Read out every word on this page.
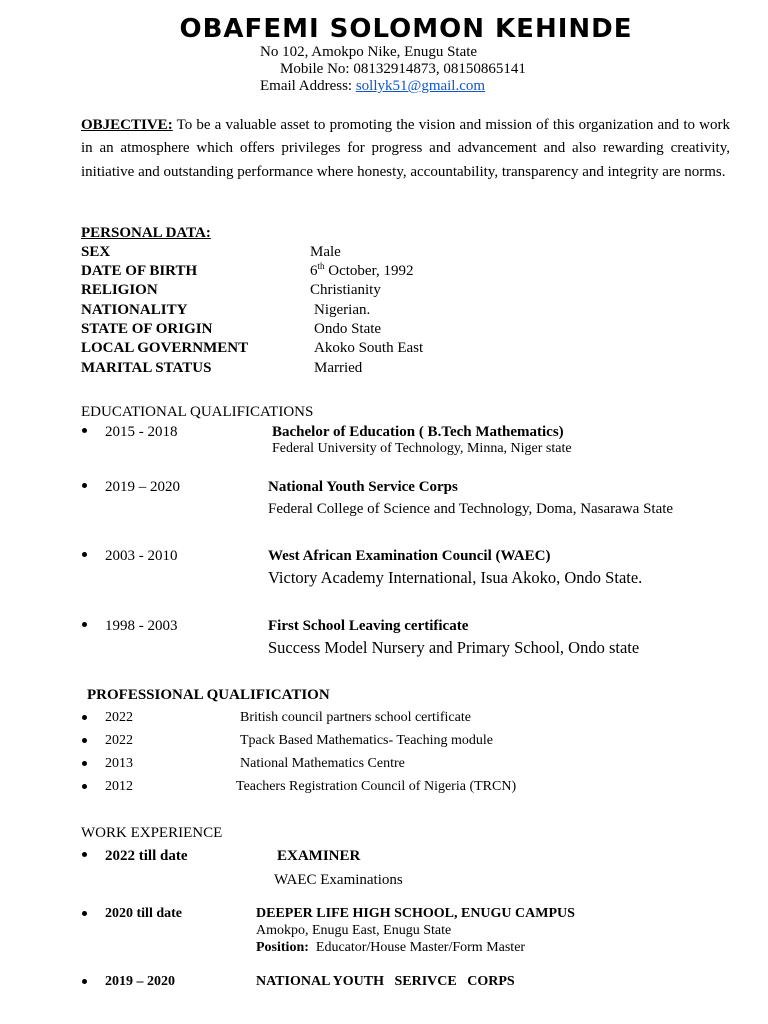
OBAFEMI SOLOMON KEHINDE
No 102, Amokpo Nike, Enugu State
Mobile No: 08132914873, 08150865141
Email Address: sollyk51@gmail.com
OBJECTIVE: To be a valuable asset to promoting the vision and mission of this organization and to work in an atmosphere which offers privileges for progress and advancement and also rewarding creativity, initiative and outstanding performance where honesty, accountability, transparency and integrity are norms.
PERSONAL DATA:
SEX	Male
DATE OF BIRTH	6th October, 1992
RELIGION	Christianity
NATIONALITY	Nigerian.
STATE OF ORIGIN	Ondo State
LOCAL GOVERNMENT	Akoko South East
MARITAL STATUS	Married
EDUCATIONAL QUALIFICATIONS
2015 - 2018	Bachelor of Education ( B.Tech Mathematics)
Federal University of Technology, Minna, Niger state
2019 – 2020	National Youth Service Corps
Federal College of Science and Technology, Doma, Nasarawa State
2003 - 2010	West African Examination Council (WAEC)
Victory Academy International, Isua Akoko, Ondo State.
1998 - 2003	First School Leaving certificate
Success Model Nursery and Primary School, Ondo state
PROFESSIONAL QUALIFICATION
2022	British council partners school certificate
2022	Tpack Based Mathematics- Teaching module
2013	National Mathematics Centre
2012	Teachers Registration Council of Nigeria (TRCN)
WORK EXPERIENCE
2022 till date	EXAMINER
WAEC Examinations
2020 till date	DEEPER LIFE HIGH SCHOOL, ENUGU CAMPUS
Amokpo, Enugu East, Enugu State
Position:  Educator/House Master/Form Master
2019 – 2020	NATIONAL YOUTH   SERIVCE   CORPS
